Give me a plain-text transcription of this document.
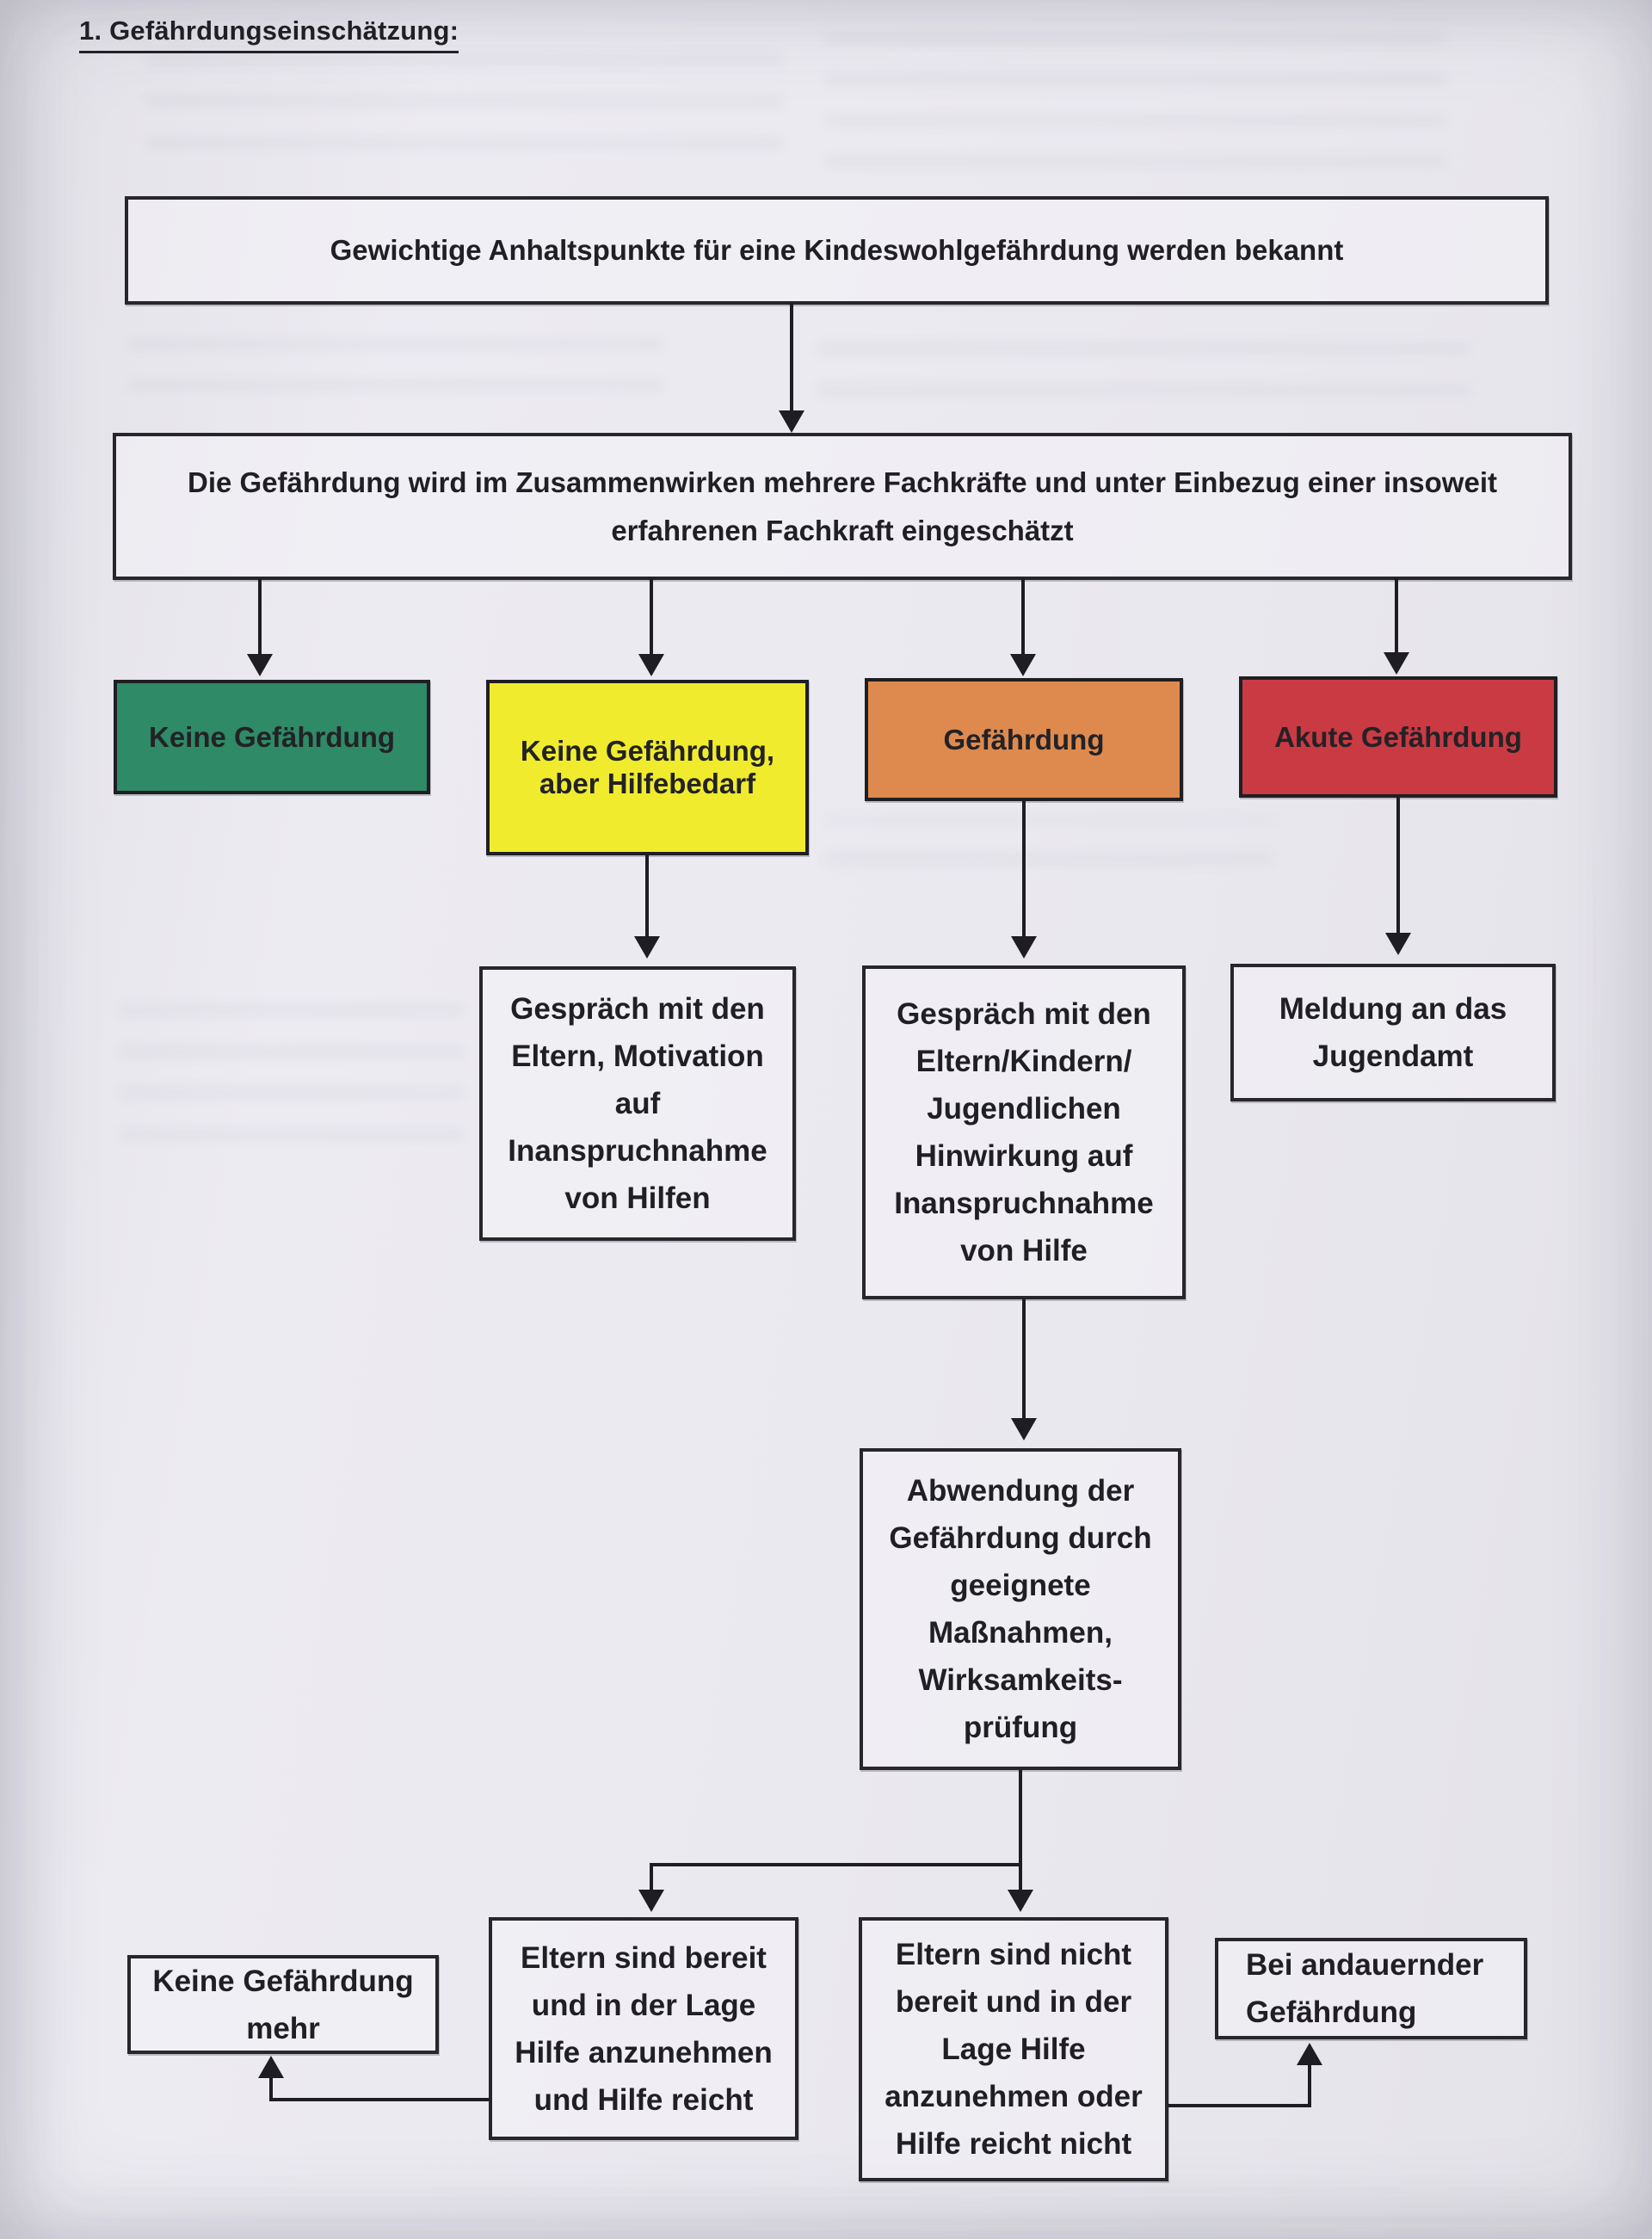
1. Gefährdungseinschätzung:
Gewichtige Anhaltspunkte für eine Kindeswohlgefährdung werden bekannt
Die Gefährdung wird im Zusammenwirken mehrere Fachkräfte und unter Einbezug einer insoweit
erfahrenen Fachkraft eingeschätzt
Keine Gefährdung	Keine Gefährdung,
aber Hilfebedarf
Gefährdung	Akute Gefährdung
Gespräch mit den
Eltern, Motivation
auf
Inanspruchnahme
von Hilfen
Gespräch mit den
Eltern/Kindern/
Jugendlichen
Hinwirkung auf
Inanspruchnahme
von Hilfe
Meldung an das
Jugendamt
Abwendung der
Gefährdung durch
geeignete
Maßnahmen,
Wirksamkeits-
prüfung
Keine Gefährdung
mehr
Eltern sind bereit
und in der Lage
Hilfe anzunehmen
und Hilfe reicht
Eltern sind nicht
bereit und in der
Lage Hilfe
anzunehmen oder
Hilfe reicht nicht
Bei andauernder
Gefährdung
